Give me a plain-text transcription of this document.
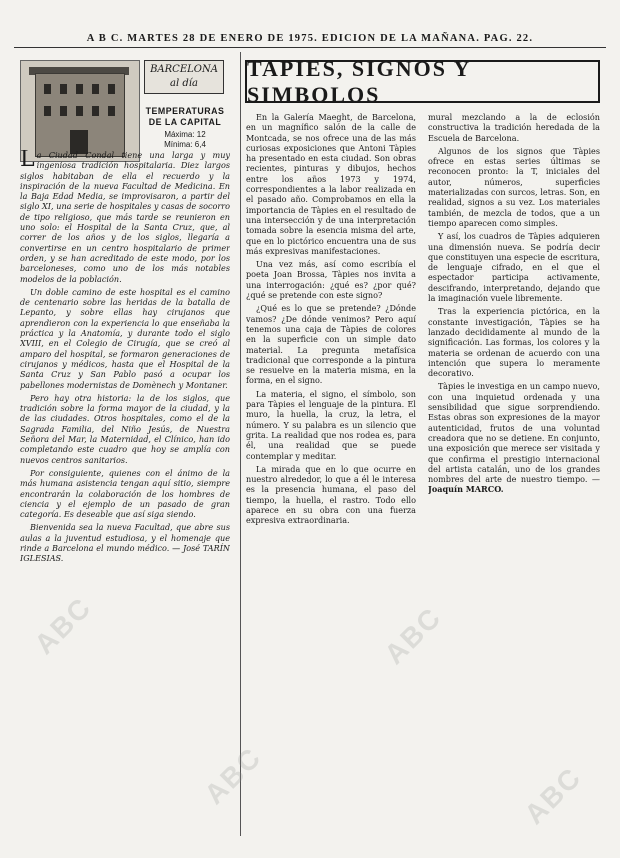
A B C. MARTES 28 DE ENERO DE 1975. EDICION DE LA MAÑANA. PAG. 22.
BARCELONA
al día
TEMPERATURAS
DE LA CAPITAL
Máxima: 12
Mínima: 6,4

La Ciudad Condal tiene una larga y muy ingeniosa tradición hospitalaria. Diez largos siglos habitaban de ella el recuerdo y la inspiración de la nueva Facultad de Medicina. En la Baja Edad Media, se improvisaron, a partir del siglo XI, una serie de hospitales y casas de socorro de tipo religioso, que más tarde se reunieron en uno solo: el Hospital de la Santa Cruz, que, al correr de los años y de los siglos, llegaría a convertirse en un centro hospitalario de primer orden, y se han acreditado de este modo, por los barceloneses, como uno de los más notables modelos de la población.

Un doble camino de este hospital es el camino de centenario sobre las heridas de la batalla de Lepanto, y sobre ellas hay cirujanos que aprendieron con la experiencia lo que enseñaba la práctica y la Anatomía, y durante todo el siglo XVIII, en el Colegio de Cirugía, que se creó al amparo del hospital, se formaron generaciones de cirujanos y médicos, hasta que el Hospital de la Santa Cruz y San Pablo pasó a ocupar los pabellones modernistas de Domènech y Montaner.

Pero hay otra historia: la de los siglos, que tradición sobre la forma mayor de la ciudad, y la de las ciudades. Otros hospitales, como el de la Sagrada Familia, del Niño Jesús, de Nuestra Señora del Mar, la Maternidad, el Clínico, han ido completando este cuadro que hoy se amplía con nuevos centros sanitarios.

Por consiguiente, quienes con el ánimo de la más humana asistencia tengan aquí sitio, siempre encontrarán la colaboración de los hombres de ciencia y el ejemplo de un pasado de gran categoría. Es deseable que así siga siendo.

Bienvenida sea la nueva Facultad, que abre sus aulas a la juventud estudiosa, y el homenaje que rinde a Barcelona el mundo médico. — José TARÍN IGLESIAS.

TAPIES, SIGNOS Y SIMBOLOS

En la Galería Maeght, de Barcelona, en un magnífico salón de la calle de Montcada, se nos ofrece una de las más curiosas exposiciones que Antoni Tàpies ha presentado en esta ciudad. Son obras recientes, pinturas y dibujos, hechos entre los años 1973 y 1974, correspondientes a la labor realizada en el pasado año. Comprobamos en ella la importancia de Tàpies en el resultado de una intersección y de una interpretación tomada sobre la esencia misma del arte, que en lo pictórico encuentra una de sus más expresivas manifestaciones.

Una vez más, así como escribía el poeta Joan Brossa, Tàpies nos invita a una interrogación: ¿qué es? ¿por qué? ¿qué se pretende con este signo?

¿Qué es lo que se pretende? ¿Dónde vamos? ¿De dónde venimos? Pero aquí tenemos una caja de Tàpies de colores en la superficie con un simple dato material. La pregunta metafísica tradicional que corresponde a la pintura se resuelve en la materia misma, en la forma, en el signo.

La materia, el signo, el símbolo, son para Tàpies el lenguaje de la pintura. El muro, la huella, la cruz, la letra, el número. Y su palabra es un silencio que grita. La realidad que nos rodea es, para él, una realidad que se puede contemplar y meditar.

La mirada que en lo que ocurre en nuestro alrededor, lo que a él le interesa es la presencia humana, el paso del tiempo, la huella, el rastro. Todo ello aparece en su obra con una fuerza expresiva extraordinaria.

mural mezclando a la de eclosión constructiva la tradición heredada de la Escuela de Barcelona.

Algunos de los signos que Tàpies ofrece en estas series últimas se reconocen pronto: la T, iniciales del autor, números, superficies materializadas con surcos, letras. Son, en realidad, signos a su vez. Los materiales también, de mezcla de todos, que a un tiempo aparecen como simples.

Y así, los cuadros de Tàpies adquieren una dimensión nueva. Se podría decir que constituyen una especie de escritura, de lenguaje cifrado, en el que el espectador participa activamente, descifrando, interpretando, dejando que la imaginación vuele libremente.

Tras la experiencia pictórica, en la constante investigación, Tàpies se ha lanzado decididamente al mundo de la significación. Las formas, los colores y la materia se ordenan de acuerdo con una intención que supera lo meramente decorativo.

Tàpies le investiga en un campo nuevo, con una inquietud ordenada y una sensibilidad que sigue sorprendiendo. Estas obras son expresiones de la mayor autenticidad, frutos de una voluntad creadora que no se detiene. En conjunto, una exposición que merece ser visitada y que confirma el prestigio internacional del artista catalán, uno de los grandes nombres del arte de nuestro tiempo. — Joaquín MARCO.

ABC
ABC
ABC
ABC
